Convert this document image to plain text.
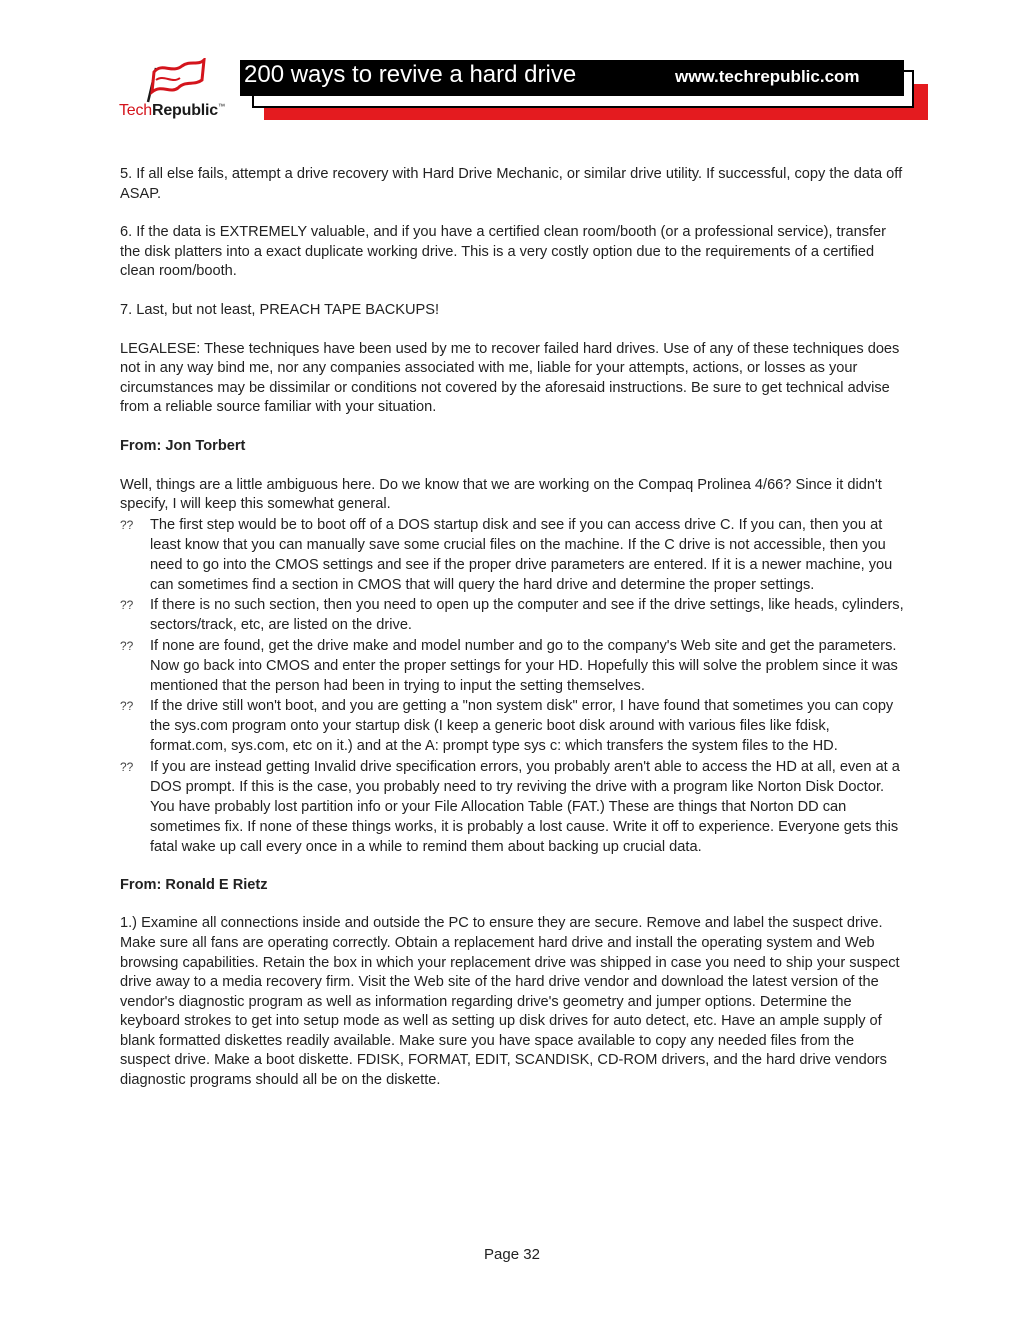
TechRepublic™
200 ways to revive a hard drive	www.techrepublic.com

5. If all else fails, attempt a drive recovery with Hard Drive Mechanic, or similar drive utility. If successful, copy the data off ASAP.

6. If the data is EXTREMELY valuable, and if you have a certified clean room/booth (or a professional service), transfer the disk platters into a exact duplicate working drive. This is a very costly option due to the requirements of a certified clean room/booth.

7. Last, but not least, PREACH TAPE BACKUPS!

LEGALESE: These techniques have been used by me to recover failed hard drives. Use of any of these techniques does not in any way bind me, nor any companies associated with me, liable for your attempts, actions, or losses as your circumstances may be dissimilar or conditions not covered by the aforesaid instructions. Be sure to get technical advise from a reliable source familiar with your situation.

From: Jon Torbert

Well, things are a little ambiguous here. Do we know that we are working on the Compaq Prolinea 4/66? Since it didn't specify, I will keep this somewhat general.

?? The first step would be to boot off of a DOS startup disk and see if you can access drive C. If you can, then you at least know that you can manually save some crucial files on the machine. If the C drive is not accessible, then you need to go into the CMOS settings and see if the proper drive parameters are entered. If it is a newer machine, you can sometimes find a section in CMOS that will query the hard drive and determine the proper settings.
?? If there is no such section, then you need to open up the computer and see if the drive settings, like heads, cylinders, sectors/track, etc, are listed on the drive.
?? If none are found, get the drive make and model number and go to the company's Web site and get the parameters. Now go back into CMOS and enter the proper settings for your HD. Hopefully this will solve the problem since it was mentioned that the person had been in trying to input the setting themselves.
?? If the drive still won't boot, and you are getting a "non system disk" error, I have found that sometimes you can copy the sys.com program onto your startup disk (I keep a generic boot disk around with various files like fdisk, format.com, sys.com, etc on it.) and at the A: prompt type sys c: which transfers the system files to the HD.
?? If you are instead getting Invalid drive specification errors, you probably aren't able to access the HD at all, even at a DOS prompt. If this is the case, you probably need to try reviving the drive with a program like Norton Disk Doctor. You have probably lost partition info or your File Allocation Table (FAT.) These are things that Norton DD can sometimes fix. If none of these things works, it is probably a lost cause. Write it off to experience. Everyone gets this fatal wake up call every once in a while to remind them about backing up crucial data.
From: Ronald E Rietz

1.) Examine all connections inside and outside the PC to ensure they are secure. Remove and label the suspect drive. Make sure all fans are operating correctly. Obtain a replacement hard drive and install the operating system and Web browsing capabilities. Retain the box in which your replacement drive was shipped in case you need to ship your suspect drive away to a media recovery firm. Visit the Web site of the hard drive vendor and download the latest version of the vendor's diagnostic program as well as information regarding drive's geometry and jumper options. Determine the keyboard strokes to get into setup mode as well as setting up disk drives for auto detect, etc. Have an ample supply of blank formatted diskettes readily available. Make sure you have space available to copy any needed files from the suspect drive. Make a boot diskette. FDISK, FORMAT, EDIT, SCANDISK, CD-ROM drivers, and the hard drive vendors diagnostic programs should all be on the diskette.

Page 32
